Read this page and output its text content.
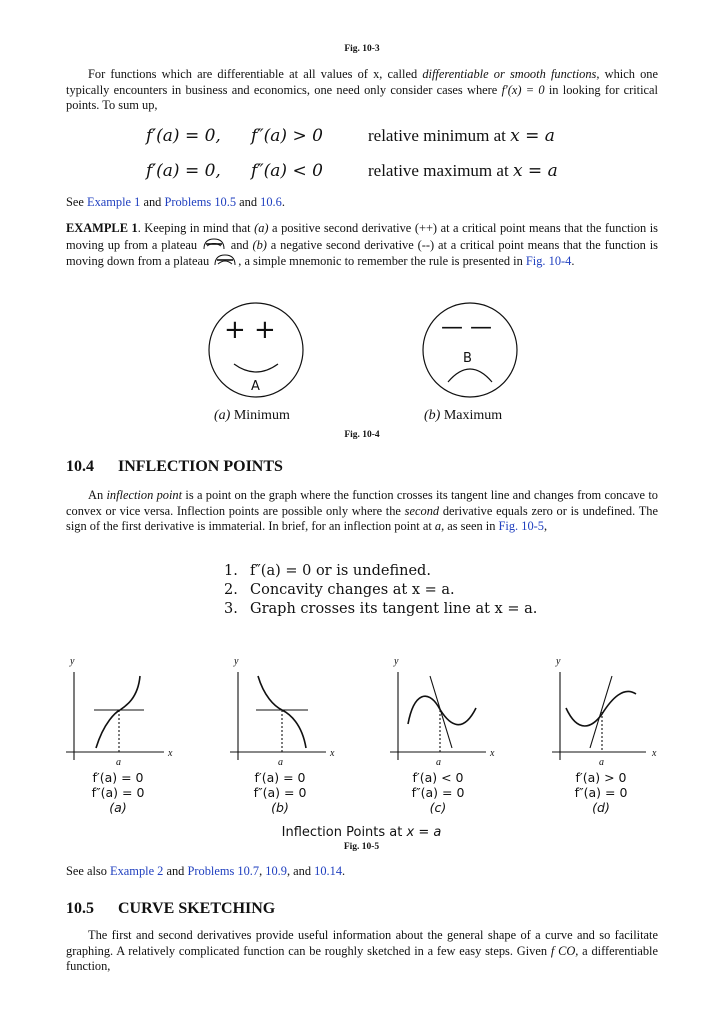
Fig. 10-3

For functions which are differentiable at all values of x, called differentiable or smooth functions, which one typically encounters in business and economics, one need only consider cases where f′(x) = 0 in looking for critical points. To sum up,

f′(a) = 0, f″(a) > 0	relative minimum at x = a
f′(a) = 0, f″(a) < 0	relative maximum at x = a

See Example 1 and Problems 10.5 and 10.6.

EXAMPLE 1. Keeping in mind that (a) a positive second derivative (++) at a critical point means that the function is moving up from a plateau  and (b) a negative second derivative (--) at a critical point means that the function is moving down from a plateau , a simple mnemonic to remember the rule is presented in Fig. 10-4.

+ +
A
— —
B
(a) Minimum	(b) Maximum
Fig. 10-4
10.4 INFLECTION POINTS

An inflection point is a point on the graph where the function crosses its tangent line and changes from concave to convex or vice versa. Inflection points are possible only where the second derivative equals zero or is undefined. The sign of the first derivative is immaterial. In brief, for an inflection point at a, as seen in Fig. 10-5,

1. f″(a) = 0 or is undefined.
2. Concavity changes at x = a.
3. Graph crosses its tangent line at x = a.
y
x
a
y
x
a
y
x
a
y
x
a
f′(a) = 0
f″(a) = 0
(a)
f′(a) = 0
f″(a) = 0
(b)
f′(a) < 0
f″(a) = 0
(c)
f′(a) > 0
f″(a) = 0
(d)
Inflection Points at x = a
Fig. 10-5

See also Example 2 and Problems 10.7, 10.9, and 10.14.

10.5 CURVE SKETCHING

The first and second derivatives provide useful information about the general shape of a curve and so facilitate graphing. A relatively complicated function can be roughly sketched in a few easy steps. Given f CO, a differentiable function,
